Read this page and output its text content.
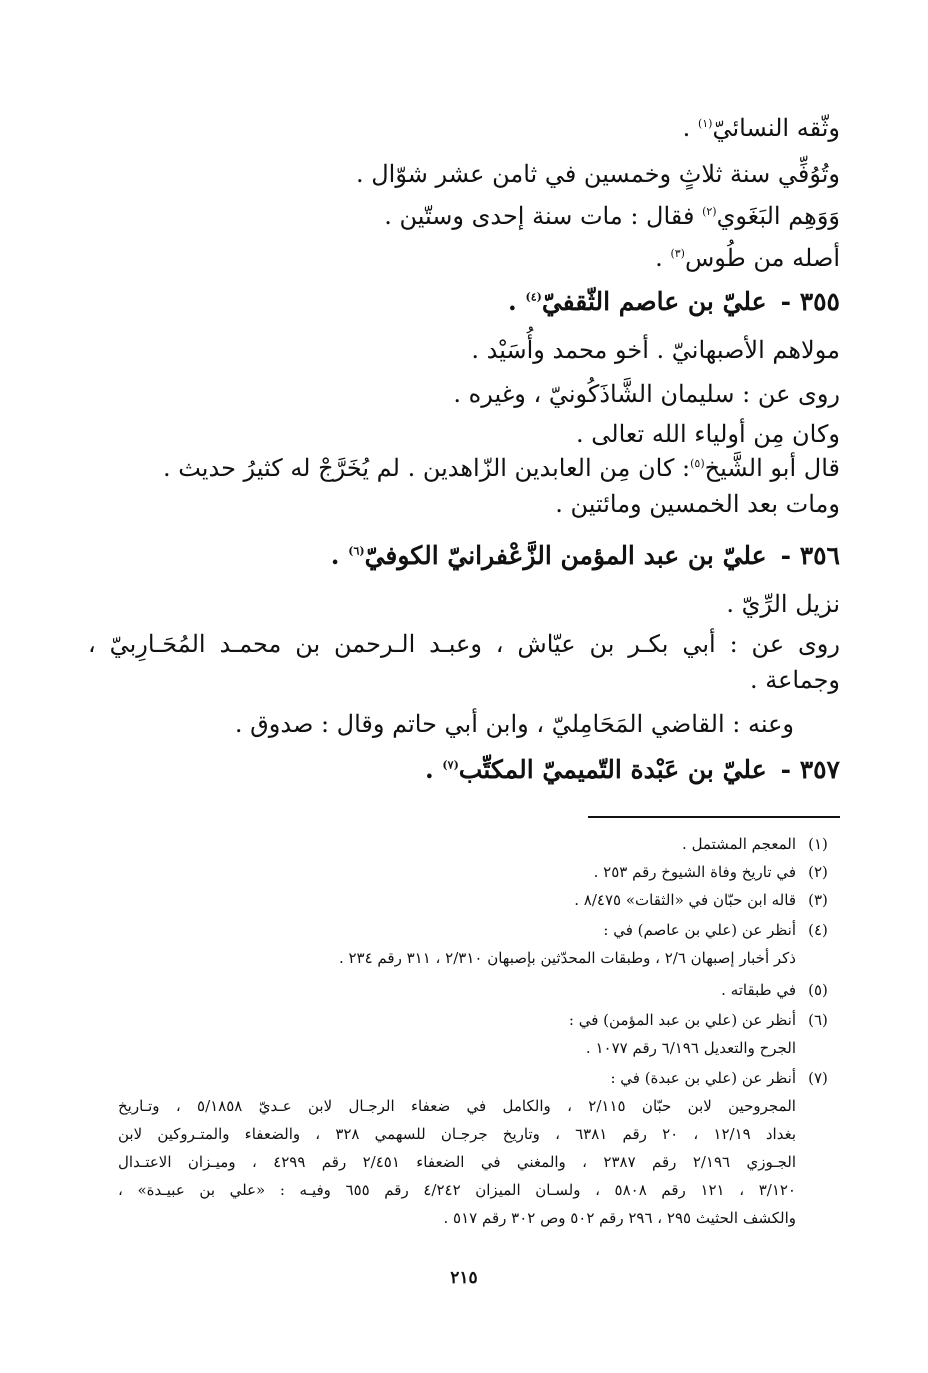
وثّقه النسائيّ$^{(١)}$ .
وتُوُفِّي سنة ثلاثٍ وخمسين في ثامن عشر شوّال .
وَوَهِم البَغَوي$^{(٢)}$ فقال : مات سنة إحدى وستّين .
أصله من طُوس$^{(٣)}$ .
٣٥٥ -عليّ بن عاصم الثّقفيّ$^{(٤)}$ .
مولاهم الأصبهانيّ . أخو محمد وأُسَيْد .
روى عن : سليمان الشَّاذَكُونيّ ، وغيره .
وكان مِن أولياء الله تعالى .
قال أبو الشَّيخ$^{(٥)}$: كان مِن العابدين الزّاهدين . لم يُخَرَّجْ له كثيرُ حديث .
ومات بعد الخمسين ومائتين .
٣٥٦ -عليّ بن عبد المؤمن الزَّعْفرانيّ الكوفيّ$^{(٦)}$ .
نزيل الرِّيّ .
روى عن : أبي بكـر بن عيّاش ، وعبـد الـرحمن بن محمـد المُحَـارِبيّ ،
وجماعة .
وعنه : القاضي المَحَامِليّ ، وابن أبي حاتم وقال : صدوق .
٣٥٧ -عليّ بن عَبْدة التّميميّ المكتِّب$^{(٧)}$ .
(١)المعجم المشتمل .
(٢)في تاريخ وفاة الشيوخ رقم ٢٥٣ .
(٣)قاله ابن حبّان في «الثقات» ٨/٤٧٥ .
(٤)أنظر عن (علي بن عاصم) في :
ذكر أخبار إصبهان ٢/٦ ، وطبقات المحدّثين بإصبهان ٢/٣١٠ ، ٣١١ رقم ٢٣٤ .
(٥)في طبقاته .
(٦)أنظر عن (علي بن عبد المؤمن) في :
الجرح والتعديل ٦/١٩٦ رقم ١٠٧٧ .
(٧)أنظر عن (علي بن عبدة) في :
المجروحين لابن حبّان ٢/١١٥ ، والكامل في ضعفاء الرجـال لابن عـديّ ٥/١٨٥٨ ، وتـاريخ
بغداد ١٢/١٩ ، ٢٠ رقم ٦٣٨١ ، وتاريخ جرجـان للسهمي ٣٢٨ ، والضعفاء والمتـروكين لابن
الجـوزي ٢/١٩٦ رقم ٢٣٨٧ ، والمغني في الضعفاء ٢/٤٥١ رقم ٤٢٩٩ ، وميـزان الاعتـدال
٣/١٢٠ ، ١٢١ رقم ٥٨٠٨ ، ولسـان الميزان ٤/٢٤٢ رقم ٦٥٥ وفيـه : «علي بن عبيـدة» ،
والكشف الحثيث ٢٩٥ ، ٢٩٦ رقم ٥٠٢ وص ٣٠٢ رقم ٥١٧ .
٢١٥
